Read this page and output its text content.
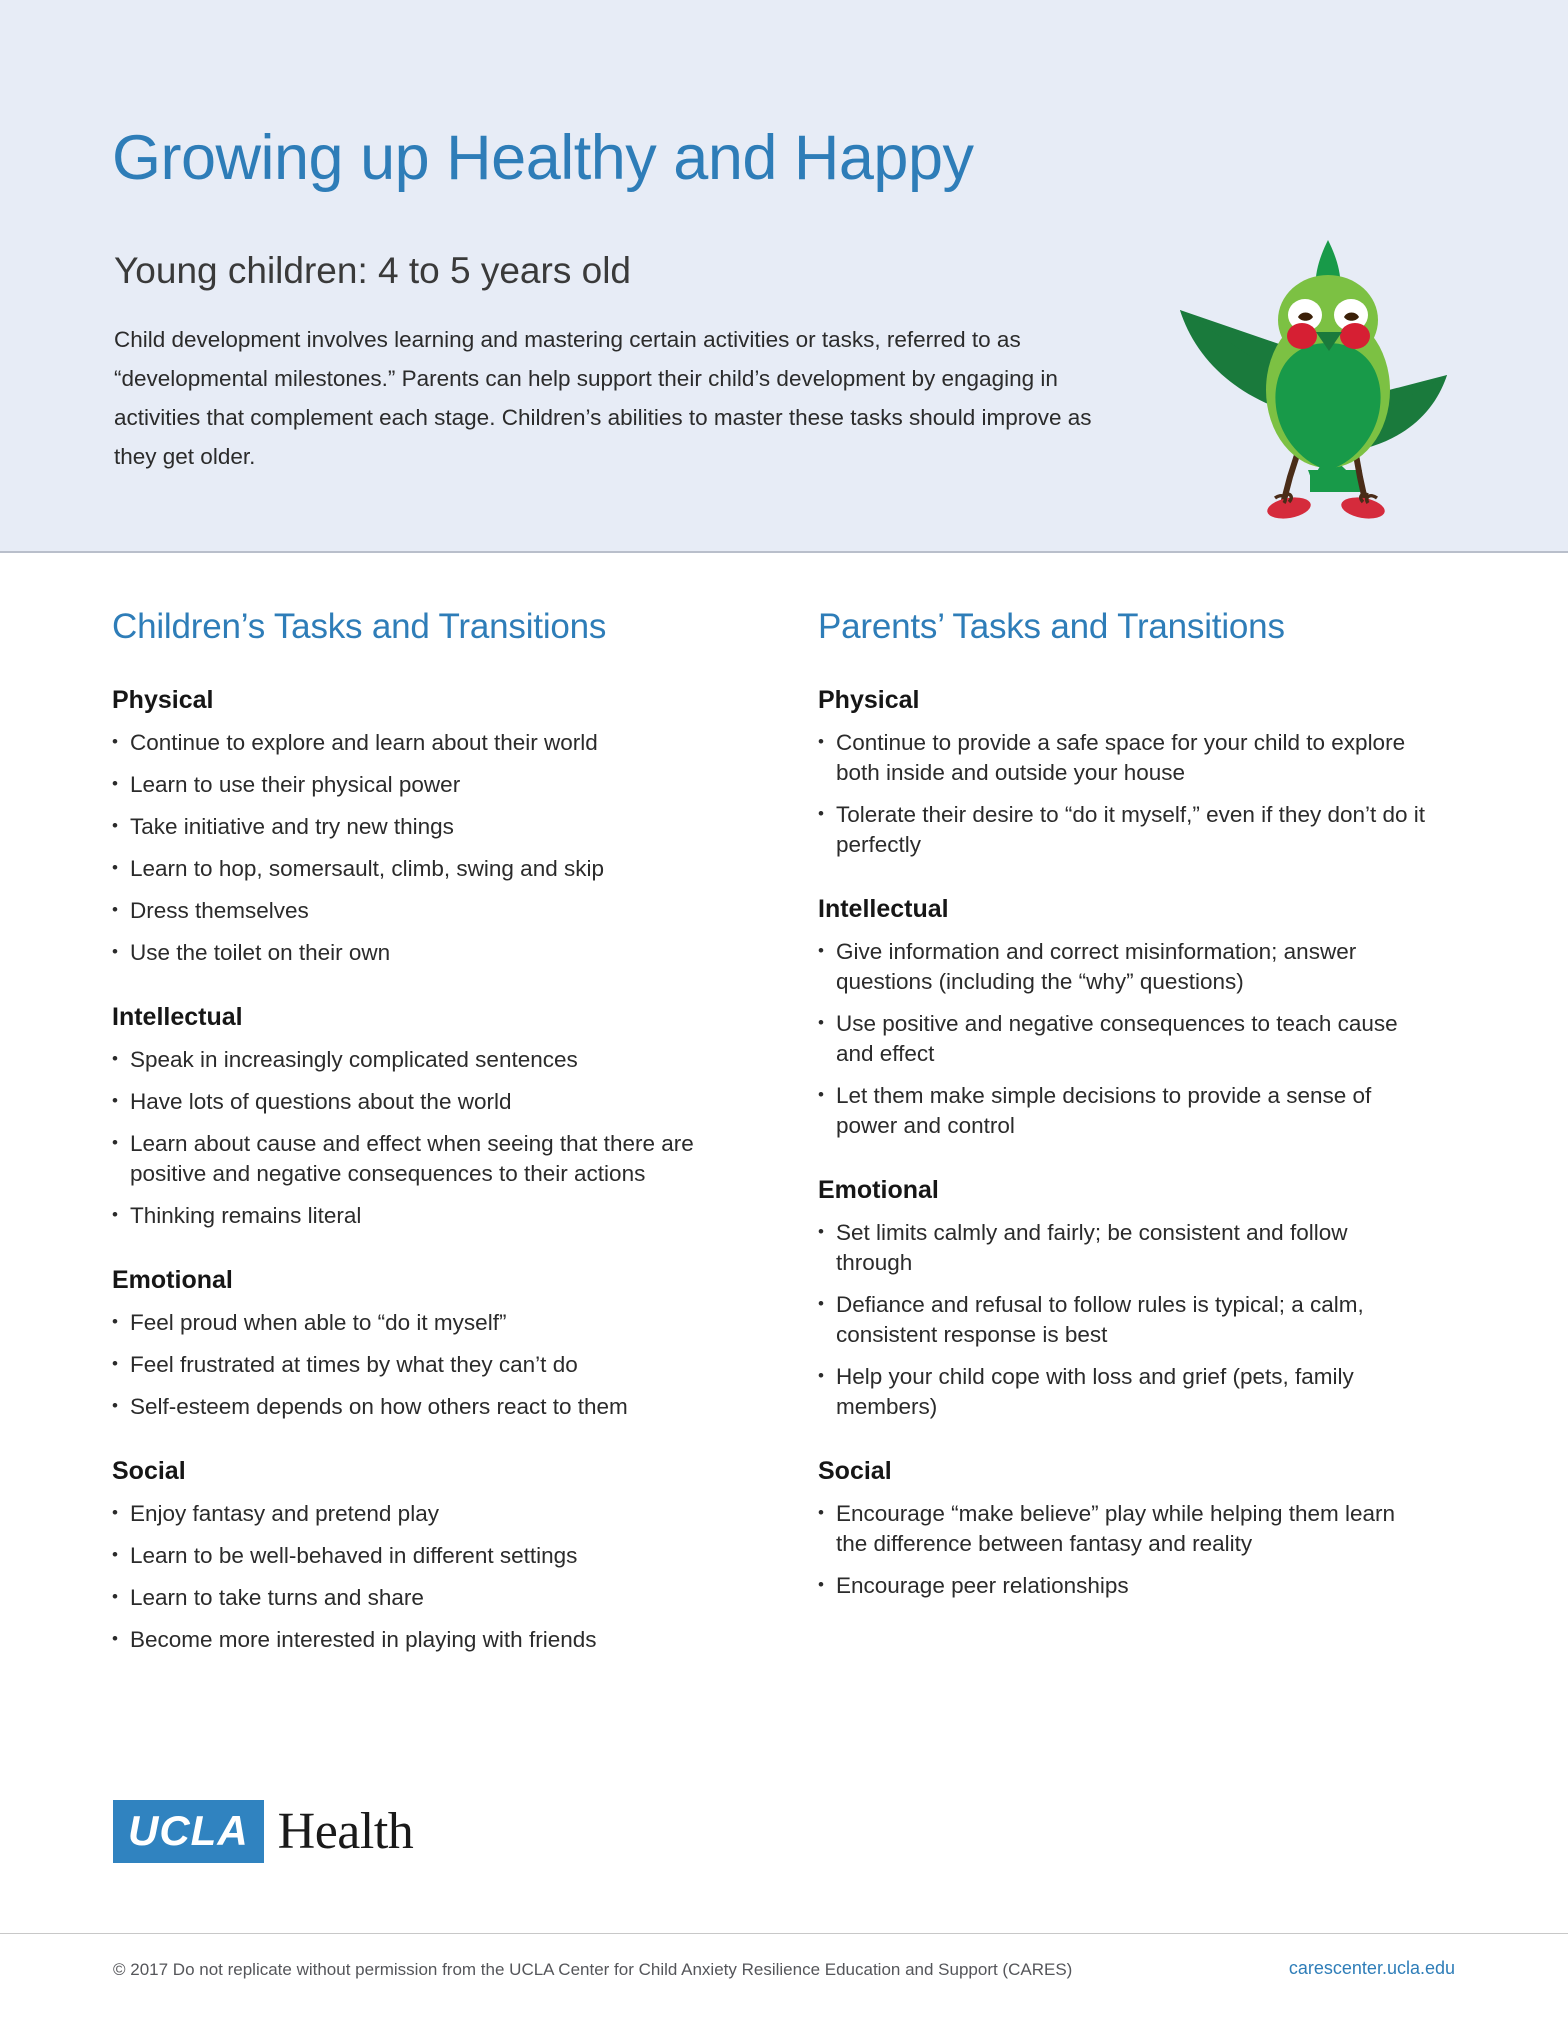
Growing up Healthy and Happy
Young children: 4 to 5 years old

Child development involves learning and mastering certain activities or tasks, referred to as “developmental milestones.” Parents can help support their child’s development by engaging in activities that complement each stage. Children’s abilities to master these tasks should improve as they get older.

Children’s Tasks and Transitions
Physical
• Continue to explore and learn about their world
• Learn to use their physical power
• Take initiative and try new things
• Learn to hop, somersault, climb, swing and skip
• Dress themselves
• Use the toilet on their own
Intellectual
• Speak in increasingly complicated sentences
• Have lots of questions about the world
• Learn about cause and effect when seeing that there are positive and negative consequences to their actions
• Thinking remains literal
Emotional
• Feel proud when able to “do it myself”
• Feel frustrated at times by what they can’t do
• Self-esteem depends on how others react to them
Social
• Enjoy fantasy and pretend play
• Learn to be well-behaved in different settings
• Learn to take turns and share
• Become more interested in playing with friends
Parents’ Tasks and Transitions
Physical
• Continue to provide a safe space for your child to explore both inside and outside your house
• Tolerate their desire to “do it myself,” even if they don’t do it perfectly
Intellectual
• Give information and correct misinformation; answer questions (including the “why” questions)
• Use positive and negative consequences to teach cause and effect
• Let them make simple decisions to provide a sense of power and control
Emotional
• Set limits calmly and fairly; be consistent and follow through
• Defiance and refusal to follow rules is typical; a calm, consistent response is best
• Help your child cope with loss and grief (pets, family members)
Social
• Encourage “make believe” play while helping them learn the difference between fantasy and reality
• Encourage peer relationships
UCLA Health
© 2017 Do not replicate without permission from the UCLA Center for Child Anxiety Resilience Education and Support (CARES)	carescenter.ucla.edu
